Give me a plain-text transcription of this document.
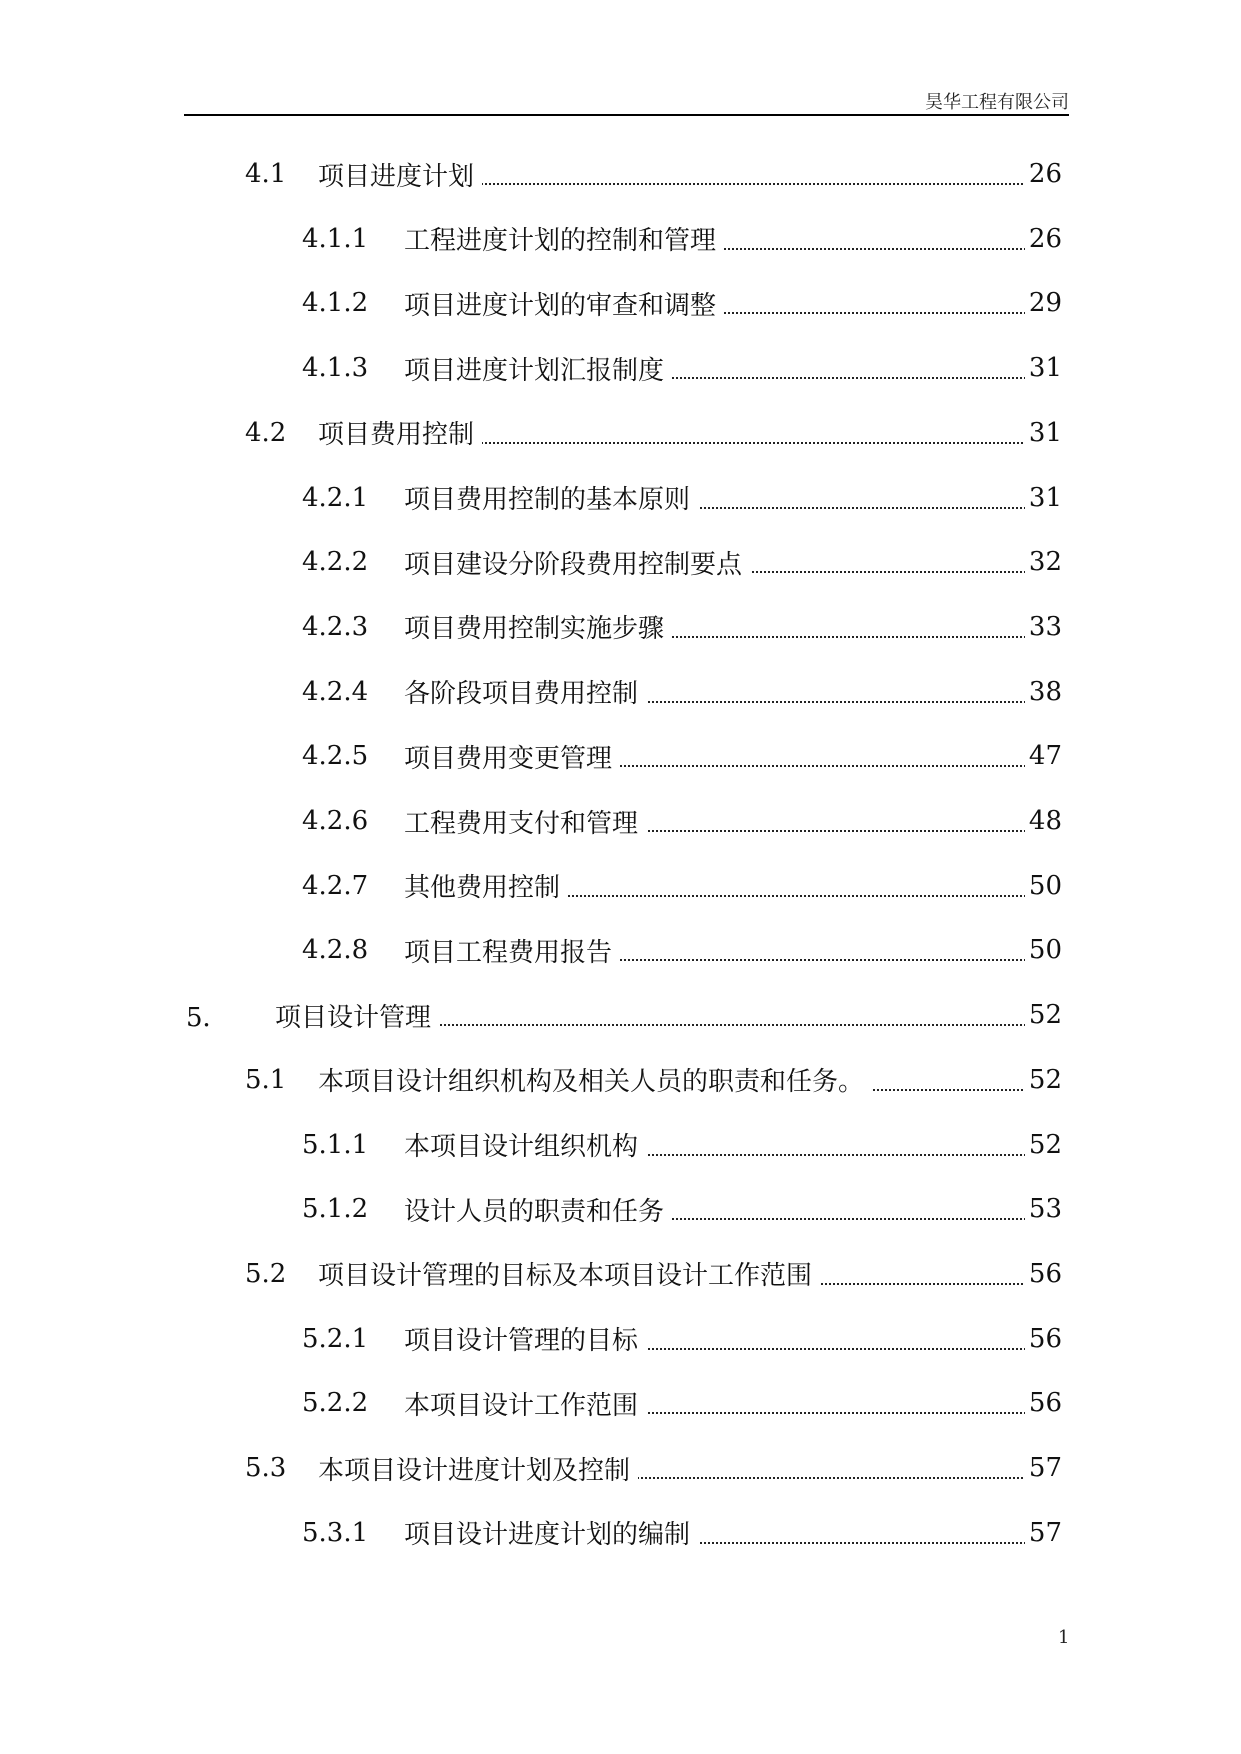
昊华工程有限公司
4.1 项目进度计划	26
4.1.1 工程进度计划的控制和管理	26
4.1.2 项目进度计划的审查和调整	29
4.1.3 项目进度计划汇报制度	31
4.2 项目费用控制	31
4.2.1 项目费用控制的基本原则	31
4.2.2 项目建设分阶段费用控制要点	32
4.2.3 项目费用控制实施步骤	33
4.2.4 各阶段项目费用控制	38
4.2.5 项目费用变更管理	47
4.2.6 工程费用支付和管理	48
4.2.7 其他费用控制	50
4.2.8 项目工程费用报告	50
5． 项目设计管理	52
5.1 本项目设计组织机构及相关人员的职责和任务。	52
5.1.1 本项目设计组织机构	52
5.1.2 设计人员的职责和任务	53
5.2 项目设计管理的目标及本项目设计工作范围	56
5.2.1 项目设计管理的目标	56
5.2.2 本项目设计工作范围	56
5.3 本项目设计进度计划及控制	57
5.3.1 项目设计进度计划的编制	57
1
